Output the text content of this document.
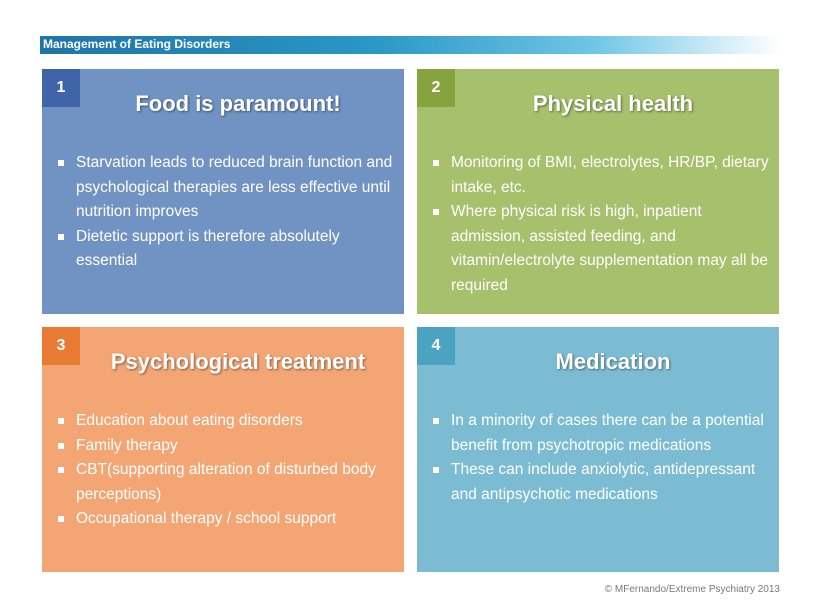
Management of Eating Disorders
1
Food is paramount!
Starvation leads to reduced brain function and psychological therapies are less effective until nutrition improves
Dietetic support is therefore absolutely essential
2
Physical health
Monitoring of BMI, electrolytes, HR/BP, dietary intake, etc.
Where physical risk is high, inpatient admission, assisted feeding, and vitamin/electrolyte supplementation may all be required
3
Psychological treatment
Education about eating disorders
Family therapy
CBT(supporting alteration of disturbed body perceptions)
Occupational therapy / school support
4
Medication
In a minority of cases there can be a potential benefit from psychotropic medications
These can include anxiolytic, antidepressant and antipsychotic medications
© MFernando/Extreme Psychiatry 2013
